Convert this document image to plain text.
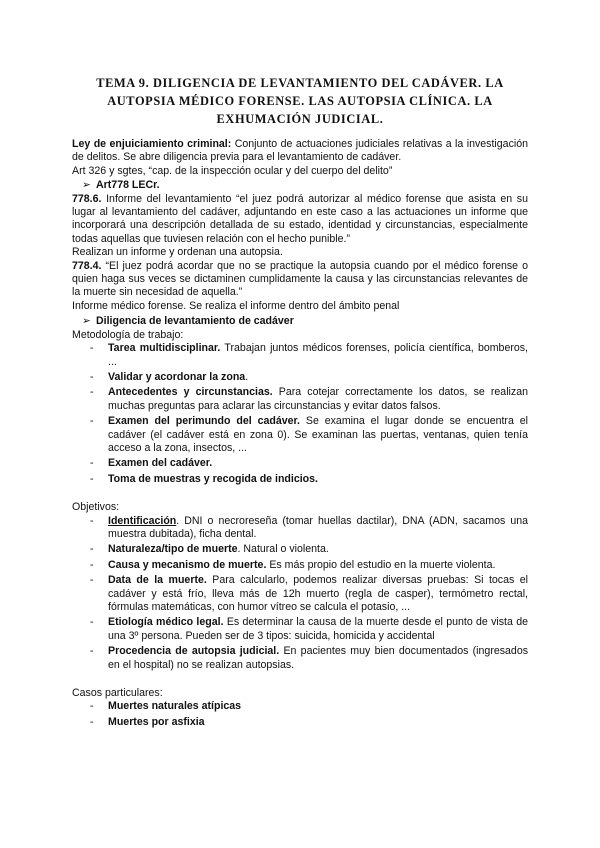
TEMA 9. DILIGENCIA DE LEVANTAMIENTO DEL CADÁVER. LA
AUTOPSIA MÉDICO FORENSE. LAS AUTOPSIA CLÍNICA. LA
EXHUMACIÓN JUDICIAL.

Ley de enjuiciamiento criminal: Conjunto de actuaciones judiciales relativas a la investigación de delitos. Se abre diligencia previa para el levantamiento de cadáver.

Art 326 y sgtes, “cap. de la inspección ocular y del cuerpo del delito”

➢ Art778 LECr.

778.6. Informe del levantamiento “el juez podrá autorizar al médico forense que asista en su lugar al levantamiento del cadáver, adjuntando en este caso a las actuaciones un informe que incorporará una descripción detallada de su estado, identidad y circunstancias, especialmente todas aquellas que tuviesen relación con el hecho punible.”

Realizan un informe y ordenan una autopsia.

778.4. “El juez podrá acordar que no se practique la autopsia cuando por el médico forense o quien haga sus veces se dictaminen cumplidamente la causa y las circunstancias relevantes de la muerte sin necesidad de aquella.”

Informe médico forense. Se realiza el informe dentro del ámbito penal

➢ Diligencia de levantamiento de cadáver

Metodología de trabajo:

- Tarea multidisciplinar. Trabajan juntos médicos forenses, policía científica, bomberos, ...
- Validar y acordonar la zona.
- Antecedentes y circunstancias. Para cotejar correctamente los datos, se realizan muchas preguntas para aclarar las circunstancias y evitar datos falsos.
- Examen del perimundo del cadáver. Se examina el lugar donde se encuentra el cadáver (el cadáver está en zona 0). Se examinan las puertas, ventanas, quien tenía acceso a la zona, insectos, ...
- Examen del cadáver.
- Toma de muestras y recogida de indicios.

Objetivos:

- Identificación. DNI o necroreseña (tomar huellas dactilar), DNA (ADN, sacamos una muestra dubitada), ficha dental.
- Naturaleza/tipo de muerte. Natural o violenta.
- Causa y mecanismo de muerte. Es más propio del estudio en la muerte violenta.
- Data de la muerte. Para calcularlo, podemos realizar diversas pruebas: Si tocas el cadáver y está frío, lleva más de 12h muerto (regla de casper), termómetro rectal, fórmulas matemáticas, con humor vítreo se calcula el potasio, ...
- Etiología médico legal. Es determinar la causa de la muerte desde el punto de vista de una 3º persona. Pueden ser de 3 tipos: suicida, homicida y accidental
- Procedencia de autopsia judicial. En pacientes muy bien documentados (ingresados en el hospital) no se realizan autopsias.

Casos particulares:

- Muertes naturales atípicas
- Muertes por asfixia
